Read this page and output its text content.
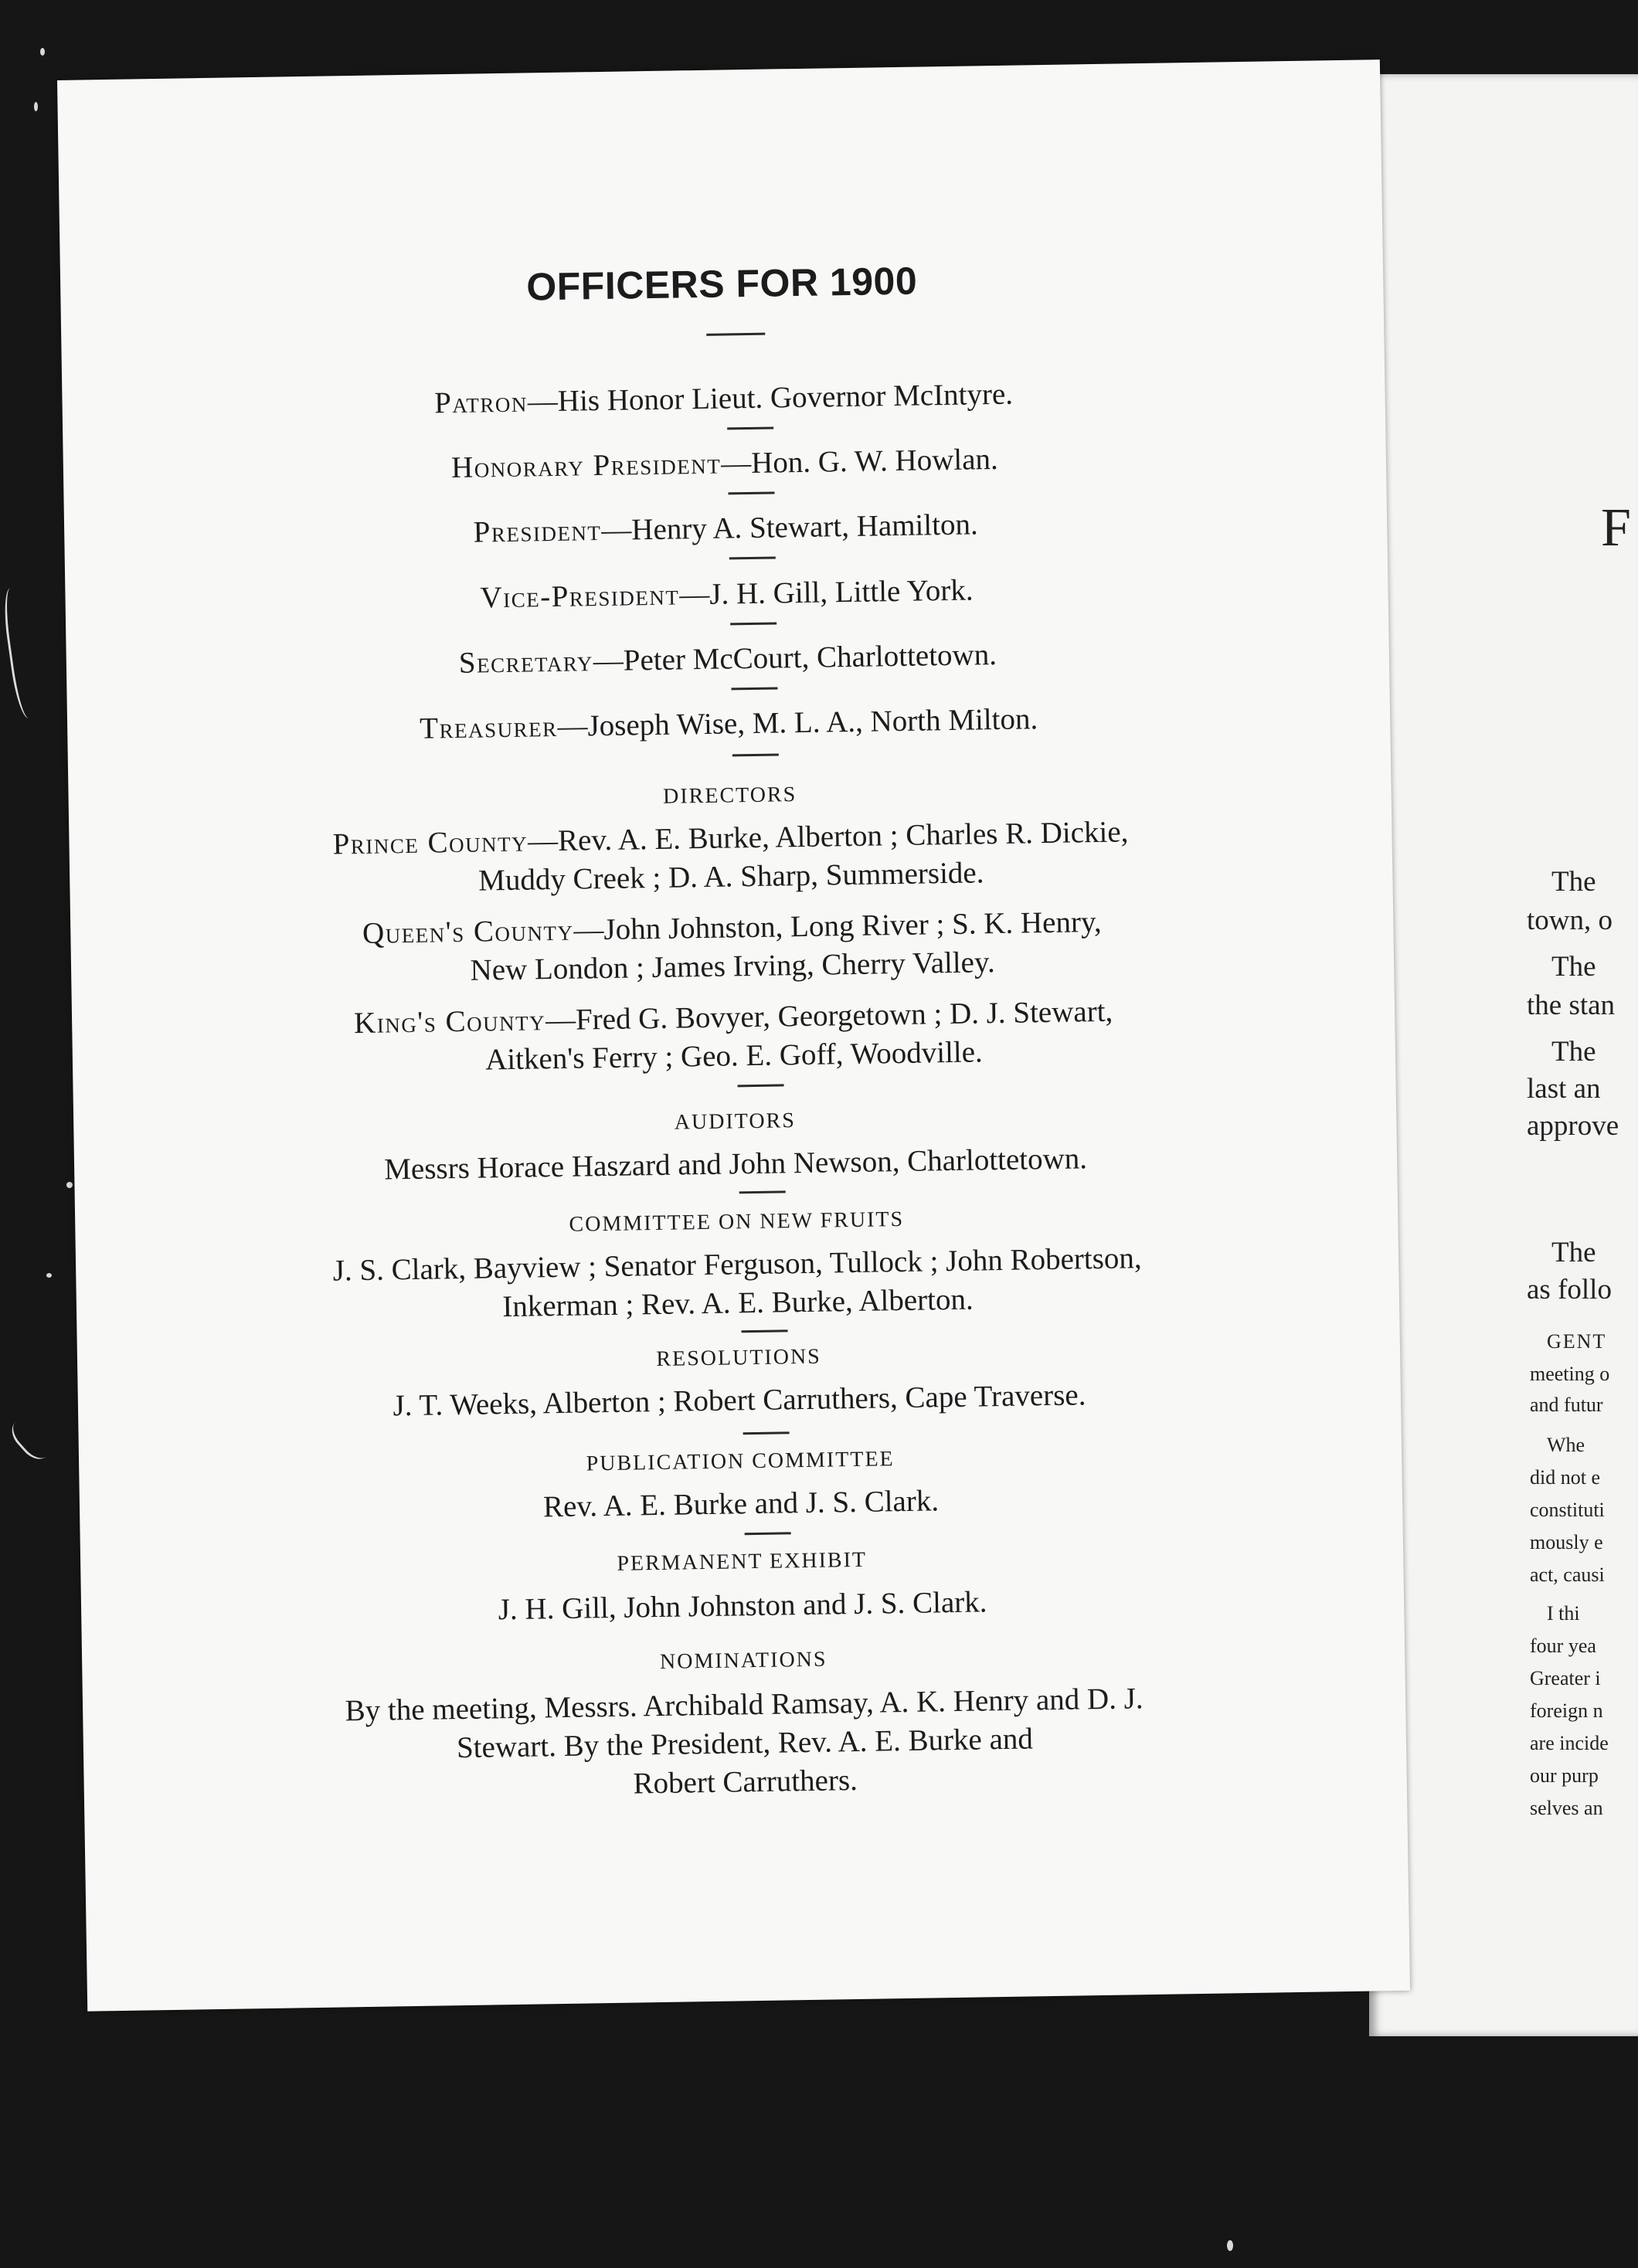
F
The
town, o
The
the stan
The
last an
approve
The
as follo
GENT
meeting o
and futur
Whe
did not e
constituti
mously e
act, causi
I thi
four yea
Greater i
foreign n
are incide
our purp
selves an
OFFICERS FOR 1900
Patron—His Honor Lieut. Governor McIntyre.
Honorary President—Hon. G. W. Howlan.
President—Henry A. Stewart, Hamilton.
Vice-President—J. H. Gill, Little York.
Secretary—Peter McCourt, Charlottetown.
Treasurer—Joseph Wise, M. L. A., North Milton.
DIRECTORS
Prince County—Rev. A. E. Burke, Alberton ; Charles R. Dickie,
Muddy Creek ; D. A. Sharp, Summerside.
Queen's County—John Johnston, Long River ; S. K. Henry,
New London ; James Irving, Cherry Valley.
King's County—Fred G. Bovyer, Georgetown ; D. J. Stewart,
Aitken's Ferry ; Geo. E. Goff, Woodville.
AUDITORS
Messrs Horace Haszard and John Newson, Charlottetown.
COMMITTEE ON NEW FRUITS
J. S. Clark, Bayview ; Senator Ferguson, Tullock ; John Robertson,
Inkerman ; Rev. A. E. Burke, Alberton.
RESOLUTIONS
J. T. Weeks, Alberton ; Robert Carruthers, Cape Traverse.
PUBLICATION COMMITTEE
Rev. A. E. Burke and J. S. Clark.
PERMANENT EXHIBIT
J. H. Gill, John Johnston and J. S. Clark.
NOMINATIONS
By the meeting, Messrs. Archibald Ramsay, A. K. Henry and D. J.
Stewart. By the President, Rev. A. E. Burke and
Robert Carruthers.
